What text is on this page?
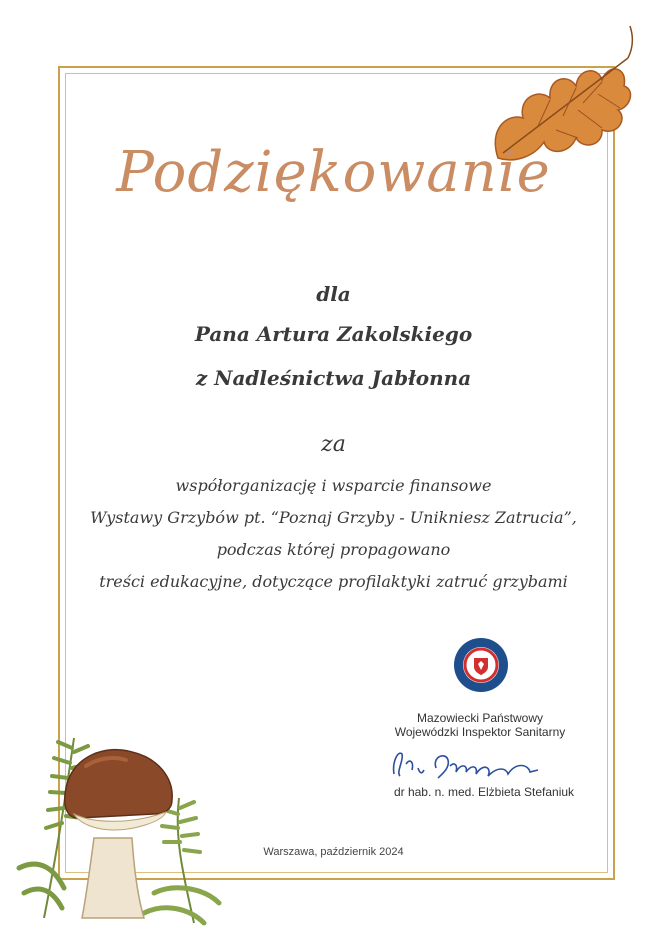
Podziękowanie
dla
Pana Artura Zakolskiego
z Nadleśnictwa Jabłonna
za
współorganizację i wsparcie finansowe
Wystawy Grzybów pt. “Poznaj Grzyby - Unikniesz Zatrucia”,
podczas której propagowano
treści edukacyjne, dotyczące profilaktyki zatruć grzybami
Mazowiecki Państwowy
Wojewódzki Inspektor Sanitarny
dr hab. n. med. Elżbieta Stefaniuk
Warszawa, październik 2024
